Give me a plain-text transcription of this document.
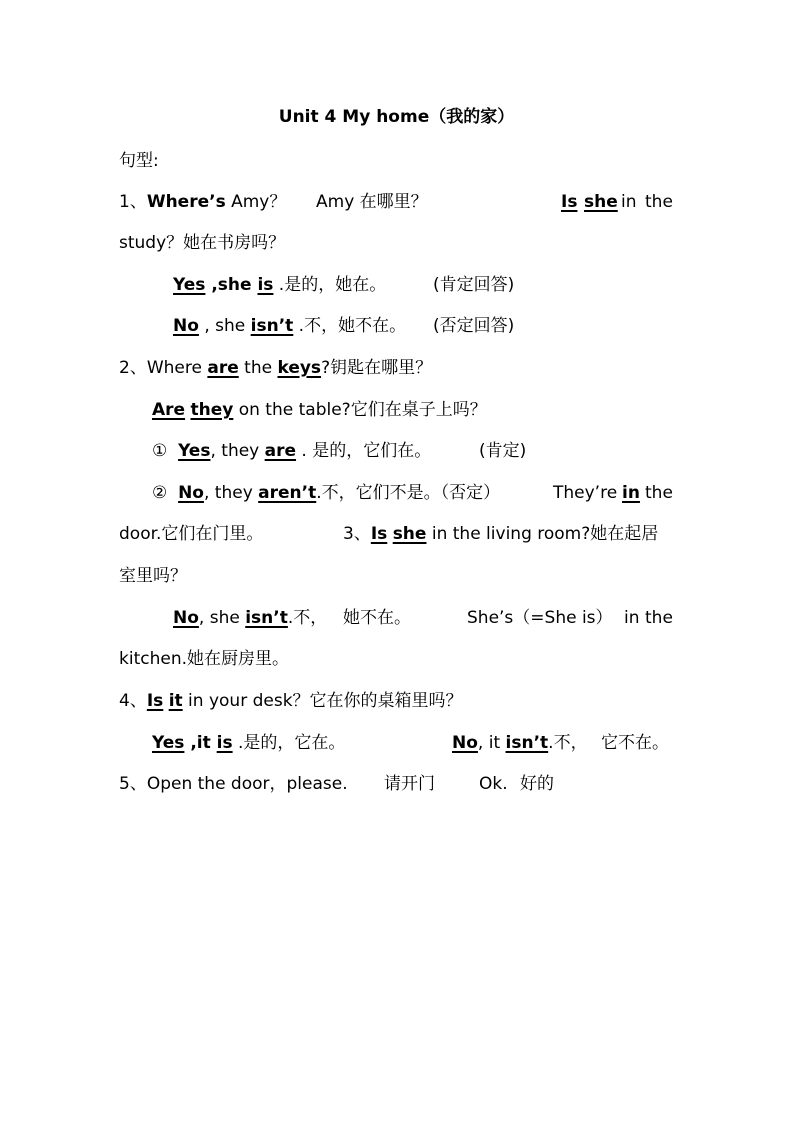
Unit 4 My home（我的家）
句型:
1、Where’s Amy？ Amy 在哪里？	Is she in the
study？她在书房吗？
Yes ,she is .是的，她在。	(肯定回答)
No , she isn’t .不，她不在。 (否定回答)
2、Where are the keys?钥匙在哪里？
Are they on the table?它们在桌子上吗？
① Yes, they are . 是的，它们在。	(肯定)
② No, they aren’t.不，它们不是。（否定）	They’re in the
door.它们在门里。	3、Is she in the living room?她在起居
室里吗？
No, she isn’t.不， 她不在。	She’s（=She is） in the
kitchen.她在厨房里。
4、Is it in your desk？它在你的桌箱里吗？
Yes ,it is .是的，它在。	No, it isn’t.不， 它不在。
5、Open the door，please. 请开门	Ok. 好的
